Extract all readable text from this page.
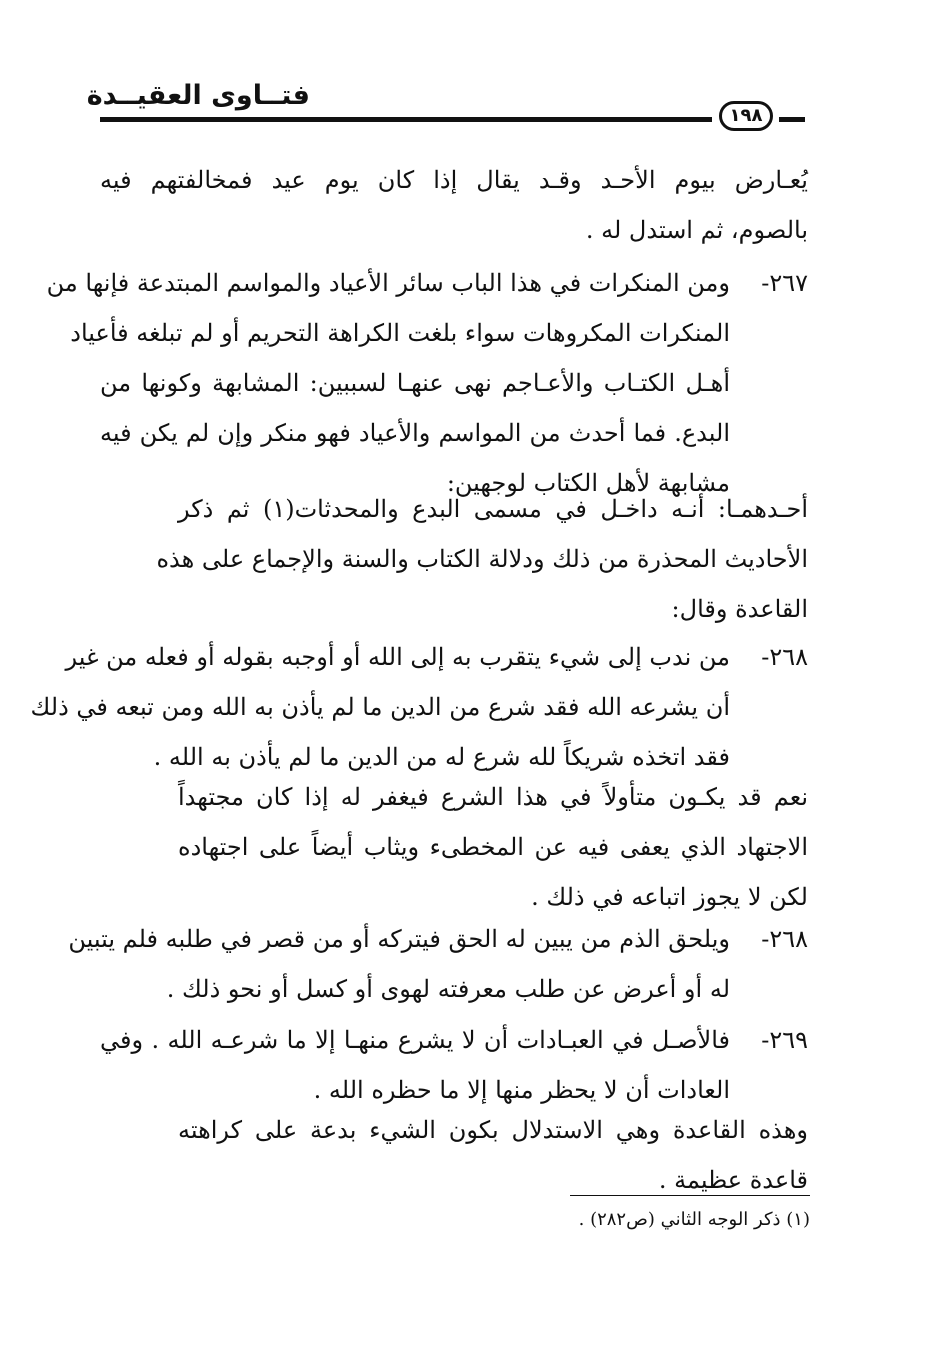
فتــاوى العقيــدة
١٩٨
يُعـارض بيوم الأحـد وقـد يقال إذا كان يوم عيد فمخالفتهم فيه
بالصوم، ثم استدل له .
٢٦٧-
ومن المنكرات في هذا الباب سائر الأعياد والمواسم المبتدعة فإنها من
المنكرات المكروهات سواء بلغت الكراهة التحريم أو لم تبلغه فأعياد
أهـل الكتـاب والأعـاجم نهى عنهـا لسببين: المشابهة وكونها من
البدع. فما أحدث من المواسم والأعياد فهو منكر وإن لم يكن فيه
مشابهة لأهل الكتاب لوجهين:
أحـدهمـا: أنـه داخـل في مسمى البدع والمحدثات(١) ثم ذكر
الأحاديث المحذرة من ذلك ودلالة الكتاب والسنة والإجماع على هذه
القاعدة وقال:
٢٦٨-
من ندب إلى شيء يتقرب به إلى الله أو أوجبه بقوله أو فعله من غير
أن يشرعه الله فقد شرع من الدين ما لم يأذن به الله ومن تبعه في ذلك
فقد اتخذه شريكاً لله شرع له من الدين ما لم يأذن به الله .
نعم قد يكـون متأولاً في هذا الشرع فيغفر له إذا كان مجتهداً
الاجتهاد الذي يعفى فيه عن المخطىء ويثاب أيضاً على اجتهاده
لكن لا يجوز اتباعه في ذلك .
٢٦٨-
ويلحق الذم من يبين له الحق فيتركه أو من قصر في طلبه فلم يتبين
له أو أعرض عن طلب معرفته لهوى أو كسل أو نحو ذلك .
٢٦٩-
فالأصـل في العبـادات أن لا يشرع منهـا إلا ما شرعـه الله . وفي
العادات أن لا يحظر منها إلا ما حظره الله .
وهذه القاعدة وهي الاستدلال بكون الشيء بدعة على كراهته
قاعدة عظيمة .
(١) ذكر الوجه الثاني (ص٢٨٢) .
